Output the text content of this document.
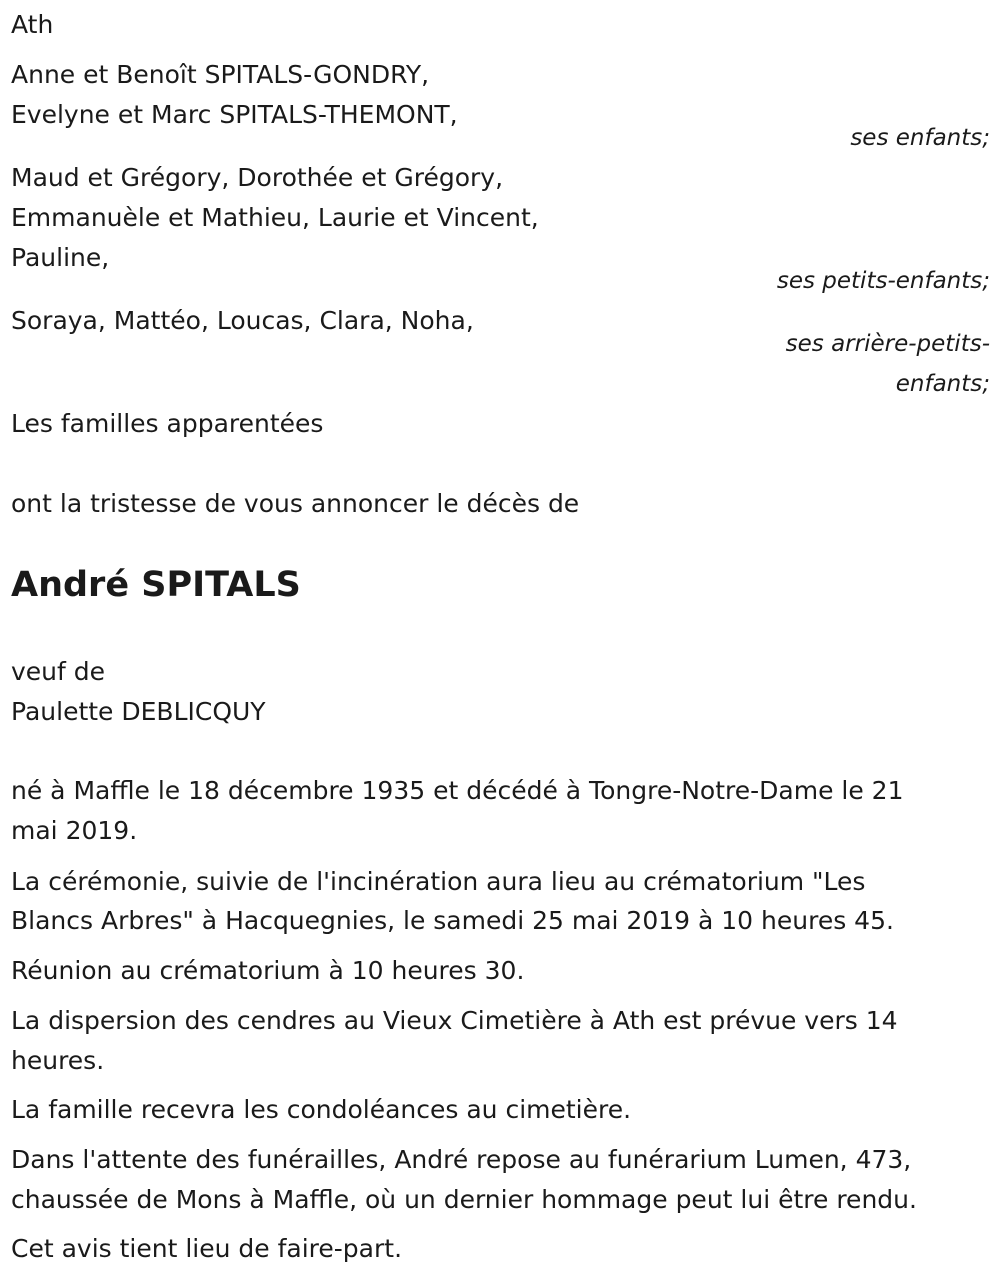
Ath
Anne et Benoît SPITALS-GONDRY,
Evelyne et Marc SPITALS-THEMONT,
ses enfants;
Maud et Grégory, Dorothée et Grégory,
Emmanuèle et Mathieu, Laurie et Vincent,
Pauline,
ses petits-enfants;
Soraya, Mattéo, Loucas, Clara, Noha,
ses arrière-petits-
enfants;
Les familles apparentées
ont la tristesse de vous annoncer le décès de
André SPITALS
veuf de
Paulette DEBLICQUY
né à Maffle le 18 décembre 1935 et décédé à Tongre-Notre-Dame le 21
mai 2019.
La cérémonie, suivie de l'incinération aura lieu au crématorium "Les
Blancs Arbres" à Hacquegnies, le samedi 25 mai 2019 à 10 heures 45.
Réunion au crématorium à 10 heures 30.
La dispersion des cendres au Vieux Cimetière à Ath est prévue vers 14
heures.
La famille recevra les condoléances au cimetière.
Dans l'attente des funérailles, André repose au funérarium Lumen, 473,
chaussée de Mons à Maffle, où un dernier hommage peut lui être rendu.
Cet avis tient lieu de faire-part.
